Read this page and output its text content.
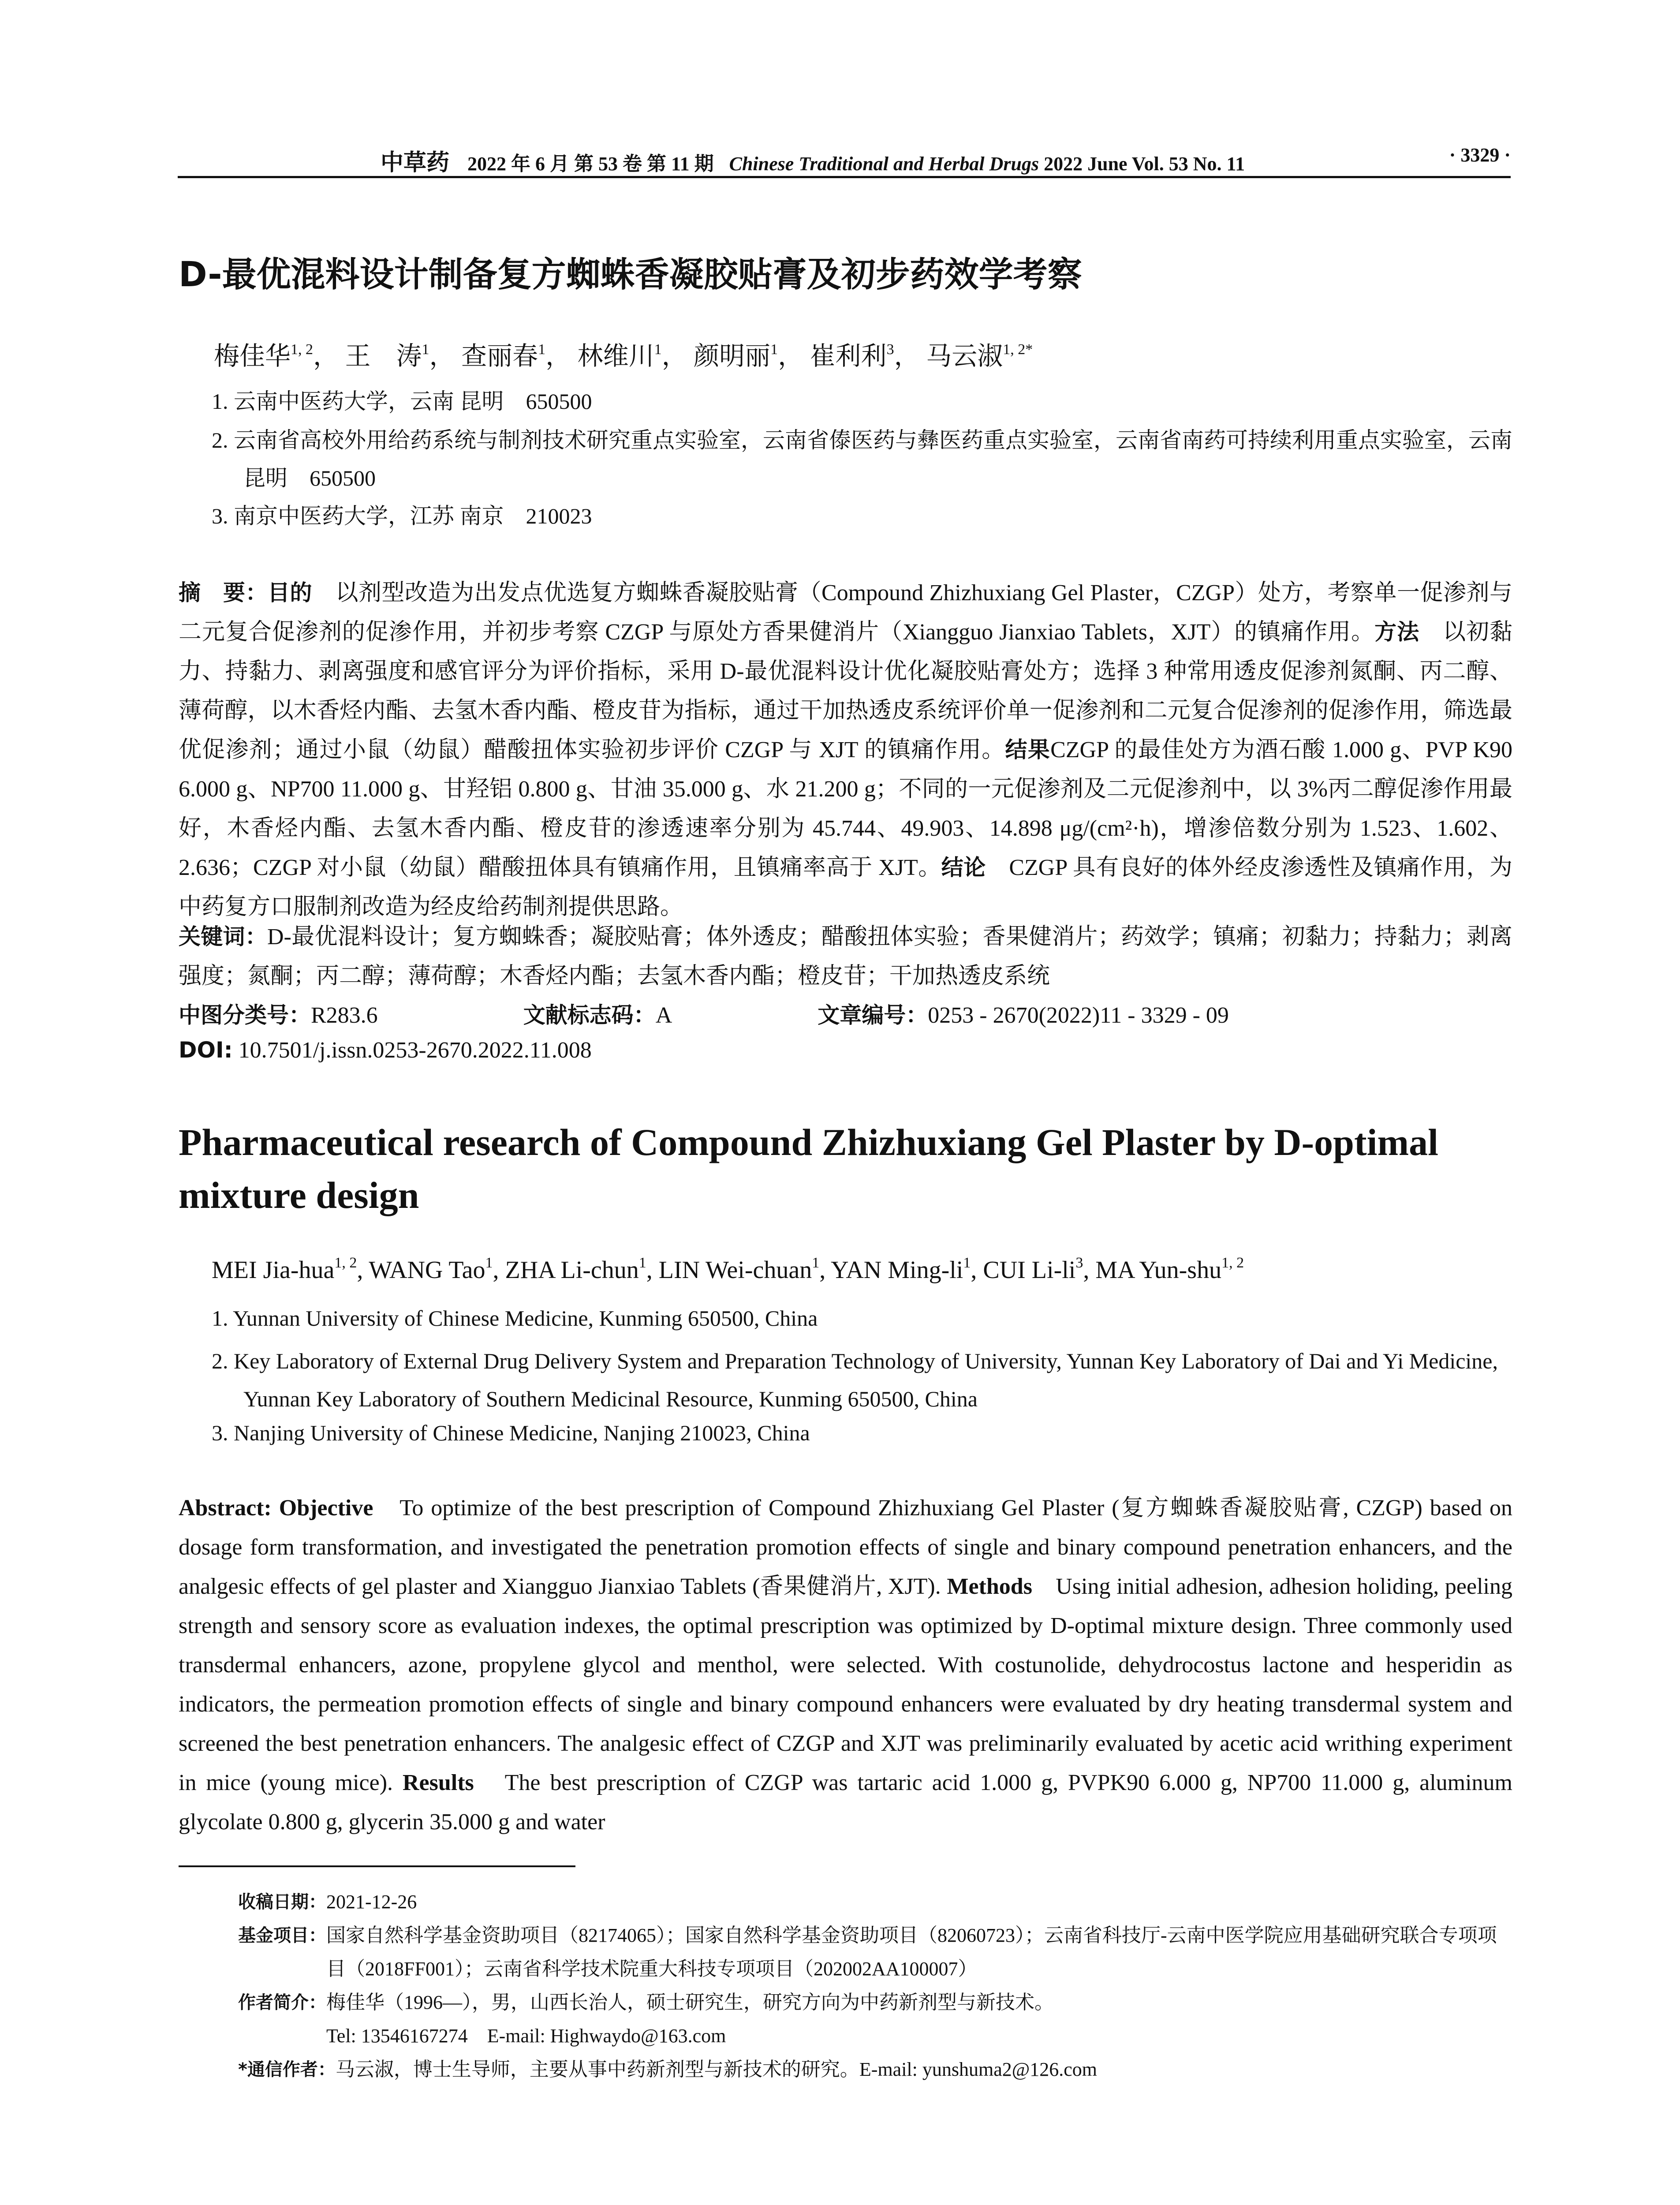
中草药 2022 年 6 月 第 53 卷 第 11 期 Chinese Traditional and Herbal Drugs 2022 June Vol. 53 No. 11	· 3329 ·
D-最优混料设计制备复方蜘蛛香凝胶贴膏及初步药效学考察
梅佳华$^{1, 2}$， 王　涛$^1$， 查丽春$^1$， 林维川$^1$， 颜明丽$^1$， 崔利利$^3$， 马云淑$^{1, 2*}$
1. 云南中医药大学，云南 昆明　650500
2. 云南省高校外用给药系统与制剂技术研究重点实验室，云南省傣医药与彝医药重点实验室，云南省南药可持续利用重点实验室，云南 昆明　650500
3. 南京中医药大学，江苏 南京　210023
摘　要：目的　 以剂型改造为出发点优选复方蜘蛛香凝胶贴膏（Compound Zhizhuxiang Gel Plaster，CZGP）处方，考察单一促渗剂与二元复合促渗剂的促渗作用，并初步考察 CZGP 与原处方香果健消片（Xiangguo Jianxiao Tablets，XJT）的镇痛作用。方法　 以初黏力、持黏力、剥离强度和感官评分为评价指标，采用 D-最优混料设计优化凝胶贴膏处方；选择 3 种常用透皮促渗剂氮酮、丙二醇、薄荷醇，以木香烃内酯、去氢木香内酯、橙皮苷为指标，通过干加热透皮系统评价单一促渗剂和二元复合促渗剂的促渗作用，筛选最优促渗剂；通过小鼠（幼鼠）醋酸扭体实验初步评价 CZGP 与 XJT 的镇痛作用。结果CZGP 的最佳处方为酒石酸 1.000 g、PVP K90 6.000 g、NP700 11.000 g、甘羟铝 0.800 g、甘油 35.000 g、水 21.200 g；不同的一元促渗剂及二元促渗剂中，以 3%丙二醇促渗作用最好，木香烃内酯、去氢木香内酯、橙皮苷的渗透速率分别为 45.744、49.903、14.898 μg/(cm²·h)，增渗倍数分别为 1.523、1.602、2.636；CZGP 对小鼠（幼鼠）醋酸扭体具有镇痛作用，且镇痛率高于 XJT。结论　 CZGP 具有良好的体外经皮渗透性及镇痛作用，为中药复方口服制剂改造为经皮给药制剂提供思路。
关键词：D-最优混料设计；复方蜘蛛香；凝胶贴膏；体外透皮；醋酸扭体实验；香果健消片；药效学；镇痛；初黏力；持黏力；剥离强度；氮酮；丙二醇；薄荷醇；木香烃内酯；去氢木香内酯；橙皮苷；干加热透皮系统
中图分类号：R283.6	文献标志码：A	文章编号：0253 - 2670(2022)11 - 3329 - 09
DOI: 10.7501/j.issn.0253-2670.2022.11.008
Pharmaceutical research of Compound Zhizhuxiang Gel Plaster by D-optimal mixture design
MEI Jia-hua$^{1, 2}$, WANG Tao$^1$, ZHA Li-chun$^1$, LIN Wei-chuan$^1$, YAN Ming-$li^1$, CUI $Li-li^3$, MA Yun-shu$^{1, 2}$
1. Yunnan University of Chinese Medicine, Kunming 650500, China
2. Key Laboratory of External Drug Delivery System and Preparation Technology of University, Yunnan Key Laboratory of Dai and Yi Medicine, Yunnan Key Laboratory of Southern Medicinal Resource, Kunming 650500, China
3. Nanjing University of Chinese Medicine, Nanjing 210023, China
Abstract: Objective　 To optimize of the best prescription of Compound Zhizhuxiang Gel Plaster (复方蜘蛛香凝胶贴膏, CZGP) based on dosage form transformation, and investigated the penetration promotion effects of single and binary compound penetration enhancers, and the analgesic effects of gel plaster and Xiangguo Jianxiao Tablets (香果健消片, XJT). Methods　 Using initial adhesion, adhesion holiding, peeling strength and sensory score as evaluation indexes, the optimal prescription was optimized by D-optimal mixture design. Three commonly used transdermal enhancers, azone, propylene glycol and menthol, were selected. With costunolide, dehydrocostus lactone and hesperidin as indicators, the permeation promotion effects of single and binary compound enhancers were evaluated by dry heating transdermal system and screened the best penetration enhancers. The analgesic effect of CZGP and XJT was preliminarily evaluated by acetic acid writhing experiment in mice (young mice). Results　 The best prescription of CZGP was tartaric acid 1.000 g, PVPK90 6.000 g, NP700 11.000 g, aluminum glycolate 0.800 g, glycerin 35.000 g and water
收稿日期： 2021-12-26
基金项目： 国家自然科学基金资助项目（82174065）；国家自然科学基金资助项目（82060723）；云南省科技厅-云南中医学院应用基础研究联合专项项目（2018FF001）；云南省科学技术院重大科技专项项目（202002AA100007）
作者简介： 梅佳华（1996—），男，山西长治人，硕士研究生，研究方向为中药新剂型与新技术。
Tel: 13546167274　E-mail: Highwaydo@163.com
*通信作者： 马云淑，博士生导师，主要从事中药新剂型与新技术的研究。E-mail: yunshuma2@126.com
